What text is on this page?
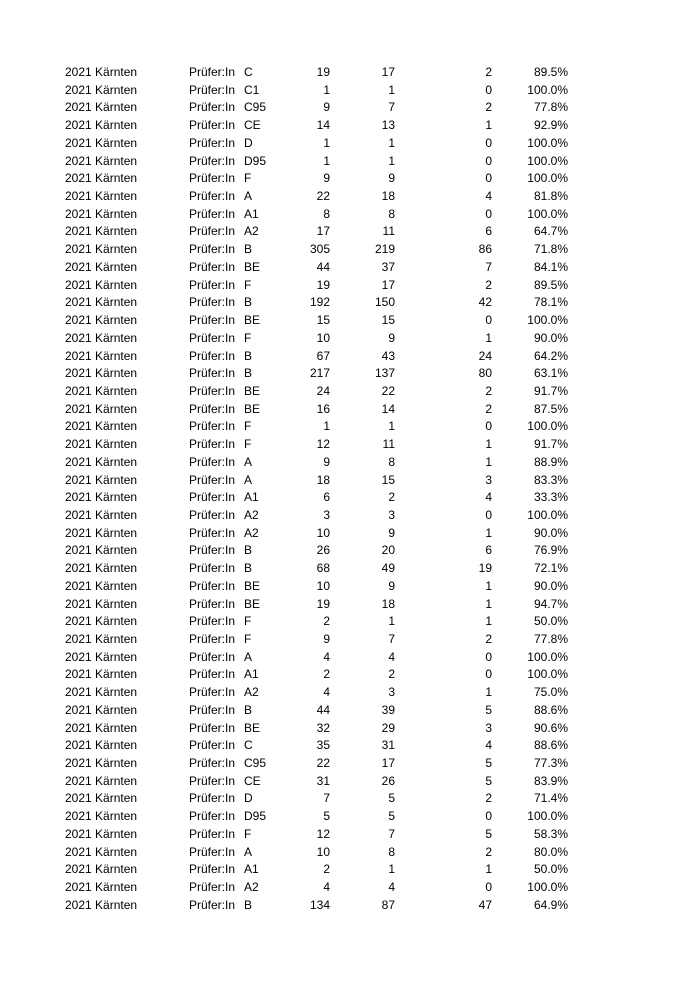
2021 Kärnten	Prüfer:In C	19	17	2	89.5%
2021 Kärnten	Prüfer:In C1	1	1	0	100.0%
2021 Kärnten	Prüfer:In C95	9	7	2	77.8%
2021 Kärnten	Prüfer:In CE	14	13	1	92.9%
2021 Kärnten	Prüfer:In D	1	1	0	100.0%
2021 Kärnten	Prüfer:In D95	1	1	0	100.0%
2021 Kärnten	Prüfer:In F	9	9	0	100.0%
2021 Kärnten	Prüfer:In A	22	18	4	81.8%
2021 Kärnten	Prüfer:In A1	8	8	0	100.0%
2021 Kärnten	Prüfer:In A2	17	11	6	64.7%
2021 Kärnten	Prüfer:In B	305	219	86	71.8%
2021 Kärnten	Prüfer:In BE	44	37	7	84.1%
2021 Kärnten	Prüfer:In F	19	17	2	89.5%
2021 Kärnten	Prüfer:In B	192	150	42	78.1%
2021 Kärnten	Prüfer:In BE	15	15	0	100.0%
2021 Kärnten	Prüfer:In F	10	9	1	90.0%
2021 Kärnten	Prüfer:In B	67	43	24	64.2%
2021 Kärnten	Prüfer:In B	217	137	80	63.1%
2021 Kärnten	Prüfer:In BE	24	22	2	91.7%
2021 Kärnten	Prüfer:In BE	16	14	2	87.5%
2021 Kärnten	Prüfer:In F	1	1	0	100.0%
2021 Kärnten	Prüfer:In F	12	11	1	91.7%
2021 Kärnten	Prüfer:In A	9	8	1	88.9%
2021 Kärnten	Prüfer:In A	18	15	3	83.3%
2021 Kärnten	Prüfer:In A1	6	2	4	33.3%
2021 Kärnten	Prüfer:In A2	3	3	0	100.0%
2021 Kärnten	Prüfer:In A2	10	9	1	90.0%
2021 Kärnten	Prüfer:In B	26	20	6	76.9%
2021 Kärnten	Prüfer:In B	68	49	19	72.1%
2021 Kärnten	Prüfer:In BE	10	9	1	90.0%
2021 Kärnten	Prüfer:In BE	19	18	1	94.7%
2021 Kärnten	Prüfer:In F	2	1	1	50.0%
2021 Kärnten	Prüfer:In F	9	7	2	77.8%
2021 Kärnten	Prüfer:In A	4	4	0	100.0%
2021 Kärnten	Prüfer:In A1	2	2	0	100.0%
2021 Kärnten	Prüfer:In A2	4	3	1	75.0%
2021 Kärnten	Prüfer:In B	44	39	5	88.6%
2021 Kärnten	Prüfer:In BE	32	29	3	90.6%
2021 Kärnten	Prüfer:In C	35	31	4	88.6%
2021 Kärnten	Prüfer:In C95	22	17	5	77.3%
2021 Kärnten	Prüfer:In CE	31	26	5	83.9%
2021 Kärnten	Prüfer:In D	7	5	2	71.4%
2021 Kärnten	Prüfer:In D95	5	5	0	100.0%
2021 Kärnten	Prüfer:In F	12	7	5	58.3%
2021 Kärnten	Prüfer:In A	10	8	2	80.0%
2021 Kärnten	Prüfer:In A1	2	1	1	50.0%
2021 Kärnten	Prüfer:In A2	4	4	0	100.0%
2021 Kärnten	Prüfer:In B	134	87	47	64.9%
